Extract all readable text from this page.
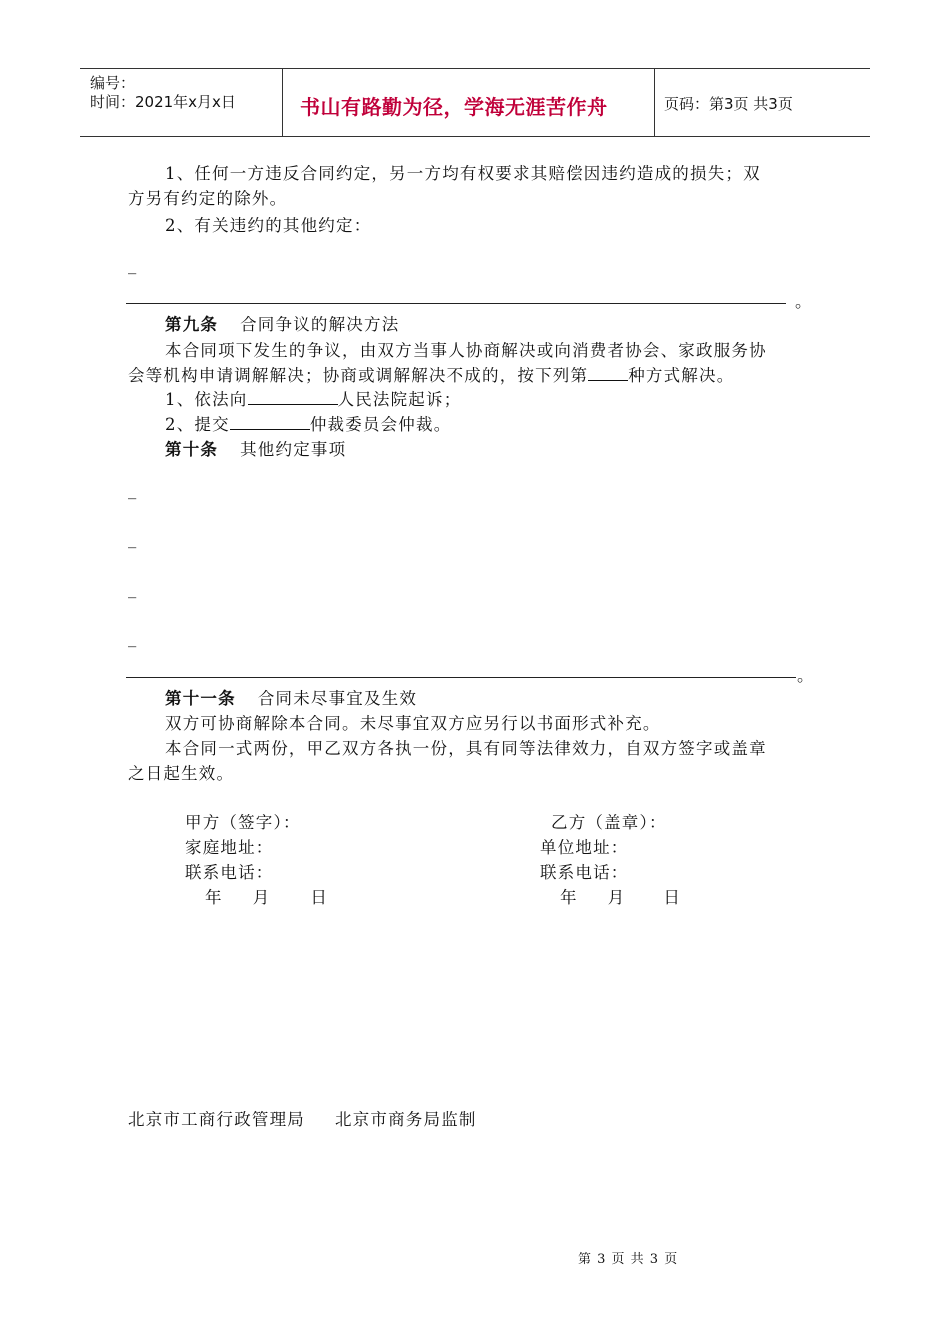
编号：
时间：2021年x月x日	书山有路勤为径，学海无涯苦作舟	页码：第3页 共3页
1、任何一方违反合同约定，另一方均有权要求其赔偿因违约造成的损失；双
方另有约定的除外。
2、有关违约的其他约定：
_
。
第九条 合同争议的解决方法
本合同项下发生的争议，由双方当事人协商解决或向消费者协会、家政服务协
会等机构申请调解解决；协商或调解解决不成的，按下列第 种方式解决。
1、依法向	人民法院起诉；
2、提交	仲裁委员会仲裁。
第十条 其他约定事项
_
_
_
_
。
第十一条 合同未尽事宜及生效
双方可协商解除本合同。未尽事宜双方应另行以书面形式补充。
本合同一式两份，甲乙双方各执一份，具有同等法律效力，自双方签字或盖章
之日起生效。
甲方（签字）：
家庭地址：
联系电话：
年 月 日
乙方（盖章）：
单位地址：
联系电话：
年 月 日
北京市工商行政管理局 北京市商务局监制
第 3 页 共 3 页
